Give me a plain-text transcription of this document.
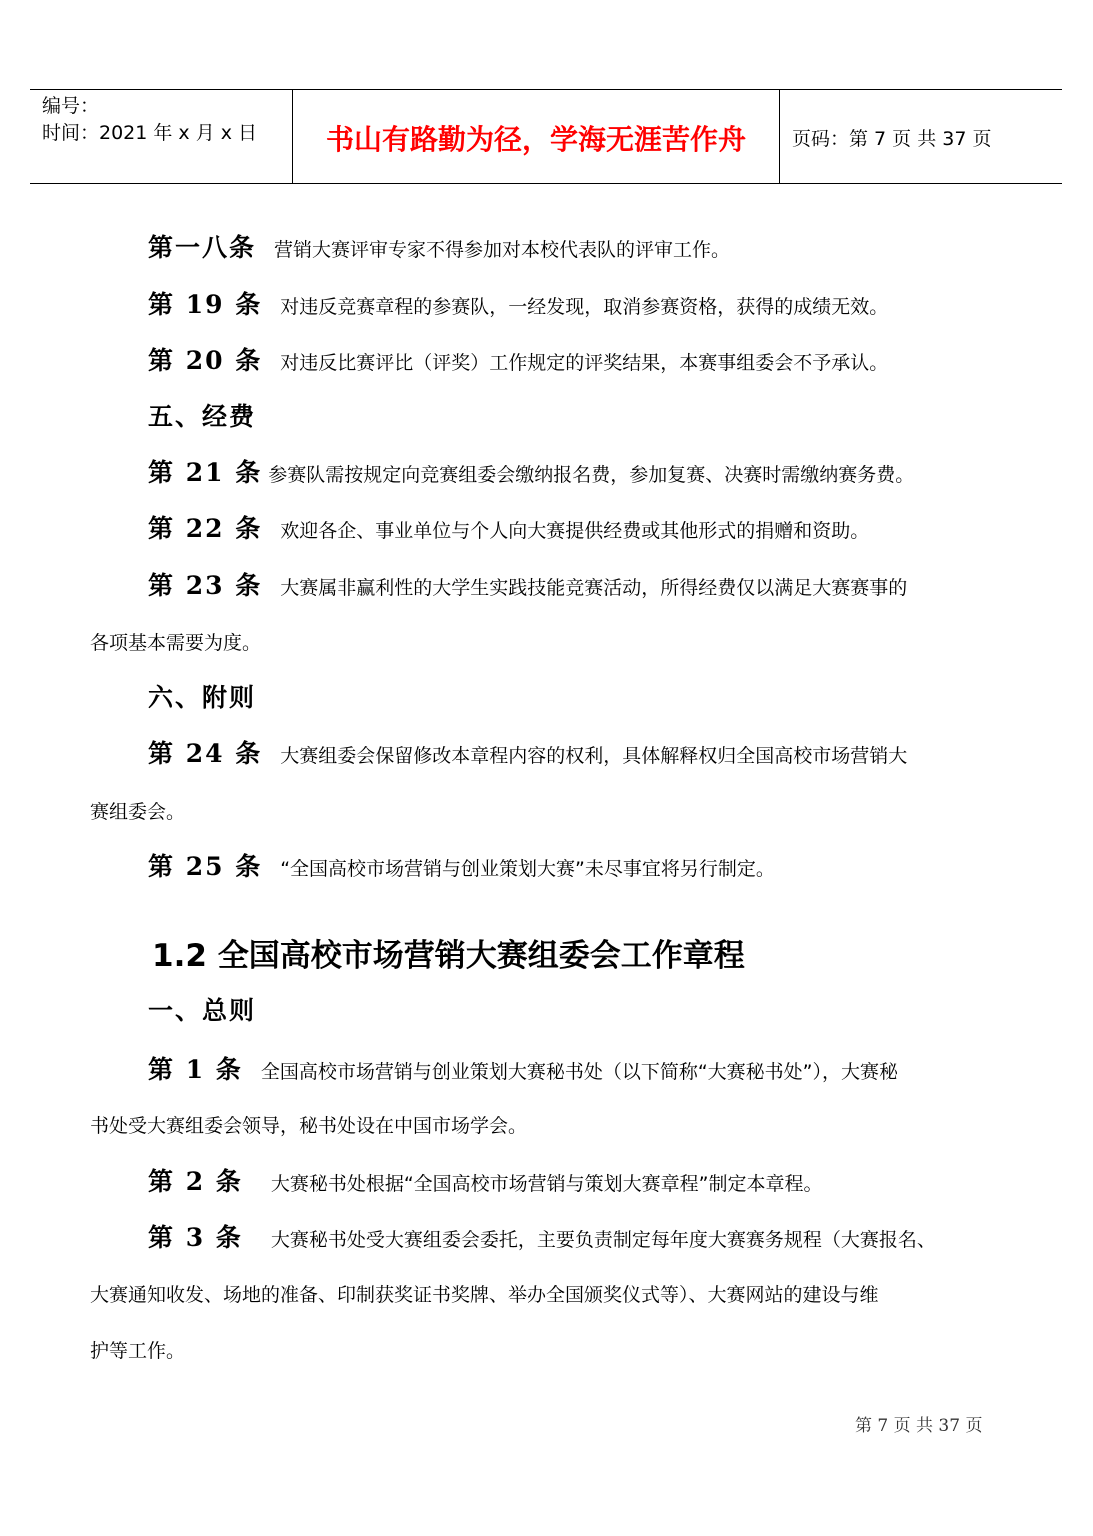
编号：
时间：2021 年 x 月 x 日	书山有路勤为径，学海无涯苦作舟	页码：第 7 页 共 37 页
第一八条 营销大赛评审专家不得参加对本校代表队的评审工作。
第 19 条 对违反竞赛章程的参赛队，一经发现，取消参赛资格，获得的成绩无效。
第 20 条 对违反比赛评比（评奖）工作规定的评奖结果，本赛事组委会不予承认。
五、经费
第 21 条 参赛队需按规定向竞赛组委会缴纳报名费，参加复赛、决赛时需缴纳赛务费。
第 22 条 欢迎各企、事业单位与个人向大赛提供经费或其他形式的捐赠和资助。
第 23 条 大赛属非赢利性的大学生实践技能竞赛活动，所得经费仅以满足大赛赛事的
各项基本需要为度。
六、附则
第 24 条 大赛组委会保留修改本章程内容的权利，具体解释权归全国高校市场营销大
赛组委会。
第 25 条 “全国高校市场营销与创业策划大赛”未尽事宜将另行制定。
1.2 全国高校市场营销大赛组委会工作章程
一、总则
第 1 条 全国高校市场营销与创业策划大赛秘书处（以下简称“大赛秘书处”），大赛秘
书处受大赛组委会领导，秘书处设在中国市场学会。
第 2 条 大赛秘书处根据“全国高校市场营销与策划大赛章程”制定本章程。
第 3 条 大赛秘书处受大赛组委会委托，主要负责制定每年度大赛赛务规程（大赛报名、
大赛通知收发、场地的准备、印制获奖证书奖牌、举办全国颁奖仪式等）、大赛网站的建设与维
护等工作。
第 7 页 共 37 页
